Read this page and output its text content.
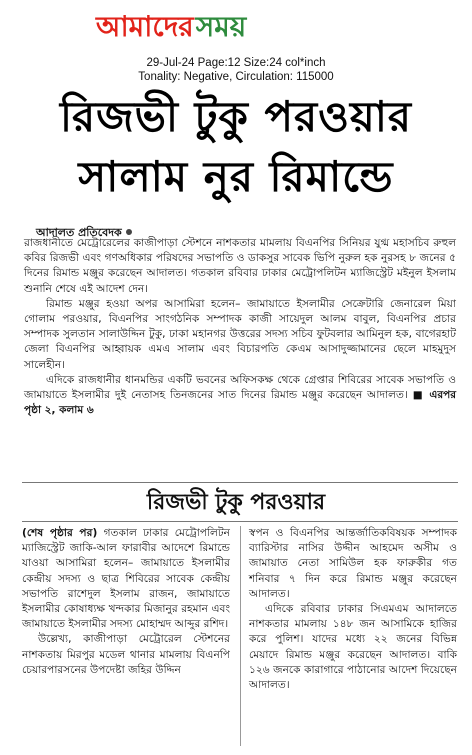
আমাদের সময়
29-Jul-24 Page:12 Size:24 col*inch
Tonality: Negative, Circulation: 115000
রিজভী টুকু পরওয়ার
সালাম নুর রিমান্ডে
আদালত প্রতিবেদক
রাজধানীতে মেট্রোরেলের কাজীপাড়া স্টেশনে নাশকতার মামলায় বিএনপির সিনিয়র যুগ্ম মহাসচিব রুহুল কবির রিজভী এবং গণঅধিকার পরিষদের সভাপতি ও ডাকসুর সাবেক ভিপি নুরুল হক নুরসহ ৮ জনের ৫ দিনের রিমান্ড মঞ্জুর করেছেন আদালত। গতকাল রবিবার ঢাকার মেট্রোপলিটন ম্যাজিস্ট্রেট মইনুল ইসলাম শুনানি শেষে এই আদেশ দেন।
রিমান্ড মঞ্জুর হওয়া অপর আসামিরা হলেন– জামায়াতে ইসলামীর সেক্রেটারি জেনারেল মিয়া গোলাম পরওয়ার, বিএনপির সাংগঠনিক সম্পাদক কাজী সায়েদুল আলম বাবুল, বিএনপির প্রচার সম্পাদক সুলতান সালাউদ্দিন টুকু, ঢাকা মহানগর উত্তরের সদস্য সচিব ফুটবলার আমিনুল হক, বাগেরহাট জেলা বিএনপির আহ্বায়ক এমএ সালাম এবং বিচারপতি কেএম আসাদুজ্জামানের ছেলে মাহমুদুস সালেহীন।
এদিকে রাজধানীর ধানমন্ডির একটি ভবনের অফিসকক্ষ থেকে গ্রেপ্তার শিবিরের সাবেক সভাপতি ও জামায়াতে ইসলামীর দুই নেতাসহ তিনজনের সাত দিনের রিমান্ড মঞ্জুর করেছেন আদালত। ■ এরপর পৃষ্ঠা ২, কলাম ৬
রিজভী টুকু পরওয়ার
(শেষ পৃষ্ঠার পর) গতকাল ঢাকার মেট্রোপলিটন ম্যাজিস্ট্রেট জাকি-আল ফারাবীর আদেশে রিমান্ডে যাওয়া আসামিরা হলেন– জামায়াতে ইসলামীর কেন্দ্রীয় সদস্য ও ছাত্র শিবিরের সাবেক কেন্দ্রীয় সভাপতি রাশেদুল ইসলাম রাজন, জামায়াতে ইসলামীর কোষাধ্যক্ষ খন্দকার মিজানুর রহমান এবং জামায়াতে ইসলামীর সদস্য মোহাম্মদ আব্দুর রশিদ।
উল্লেখ্য, কাজীপাড়া মেট্রোরেল স্টেশনের নাশকতায় মিরপুর মডেল থানার মামলায় বিএনপি চেয়ারপারসনের উপদেষ্টা জহির উদ্দিন
স্বপন ও বিএনপির আন্তর্জাতিকবিষয়ক সম্পাদক ব্যারিস্টার নাসির উদ্দীন আহমেদ অসীম ও জামায়াত নেতা সামিউল হক ফারুকীর গত শনিবার ৭ দিন করে রিমান্ড মঞ্জুর করেছেন আদালত।
এদিকে রবিবার ঢাকার সিএমএম আদালতে নাশকতার মামলায় ১৪৮ জন আসামিকে হাজির করে পুলিশ। যাদের মধ্যে ২২ জনের বিভিন্ন মেয়াদে রিমান্ড মঞ্জুর করেছেন আদালত। বাকি ১২৬ জনকে কারাগারে পাঠানোর আদেশ দিয়েছেন আদালত।
